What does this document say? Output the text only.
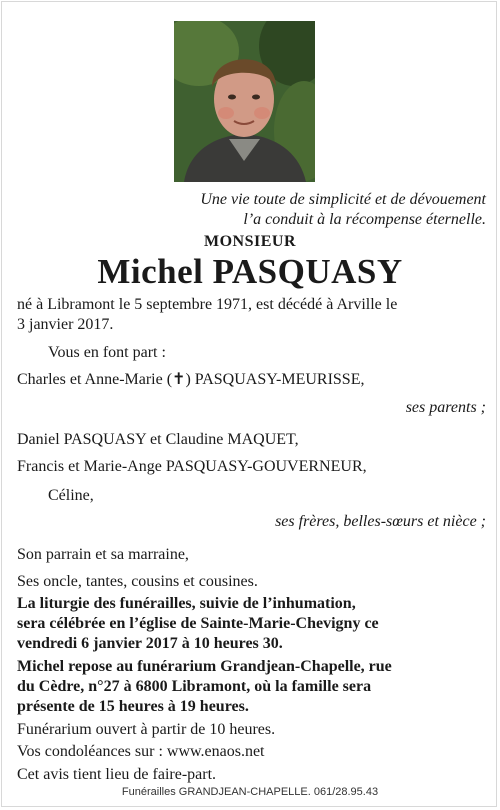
Une vie toute de simplicité et de dévouement
l’a conduit à la récompense éternelle.
MONSIEUR
Michel PASQUASY
né à Libramont le 5 septembre 1971, est décédé à Arville le
3 janvier 2017.
Vous en font part :
Charles et Anne-Marie (✝) PASQUASY-MEURISSE,
ses parents ;
Daniel PASQUASY et Claudine MAQUET,
Francis et Marie-Ange PASQUASY-GOUVERNEUR,
Céline,
ses frères, belles-sœurs et nièce ;
Son parrain et sa marraine,
Ses oncle, tantes, cousins et cousines.
La liturgie des funérailles, suivie de l’inhumation,
sera célébrée en l’église de Sainte-Marie-Chevigny ce
vendredi 6 janvier 2017 à 10 heures 30.
Michel repose au funérarium Grandjean-Chapelle, rue
du Cèdre, n°27 à 6800 Libramont, où la famille sera
présente de 15 heures à 19 heures.
Funérarium ouvert à partir de 10 heures.
Vos condoléances sur : www.enaos.net
Cet avis tient lieu de faire-part.
Funérailles GRANDJEAN-CHAPELLE. 061/28.95.43
